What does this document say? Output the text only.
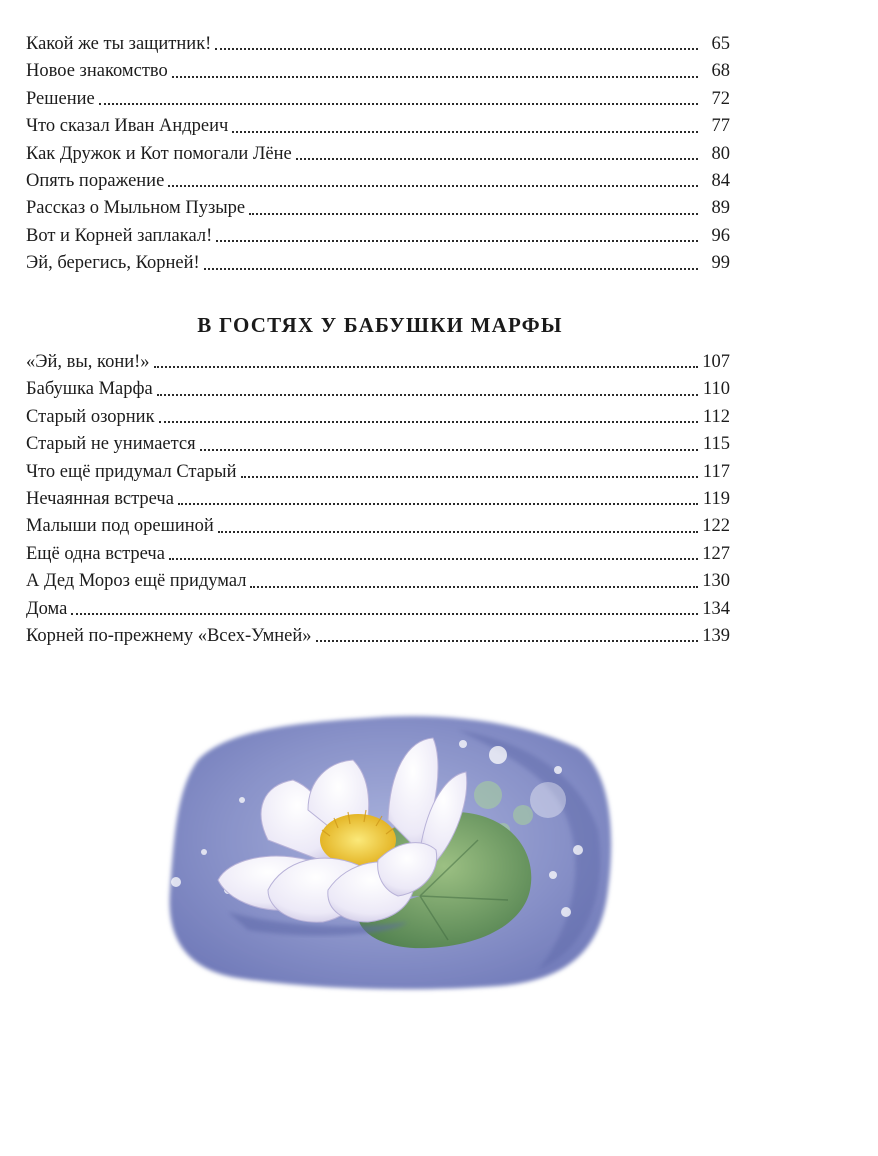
Какой же ты защитник!	65
Новое знакомство	68
Решение	72
Что сказал Иван Андреич	77
Как Дружок и Кот помогали Лёне	80
Опять поражение	84
Рассказ о Мыльном Пузыре	89
Вот и Корней заплакал!	96
Эй, берегись, Корней!	99
В ГОСТЯХ У БАБУШКИ МАРФЫ
«Эй, вы, кони!»	107
Бабушка Марфа	110
Старый озорник	112
Старый не унимается	115
Что ещё придумал Старый	117
Нечаянная встреча	119
Малыши под орешиной	122
Ещё одна встреча	127
А Дед Мороз ещё придумал	130
Дома	134
Корней по-прежнему «Всех-Умней»	139
